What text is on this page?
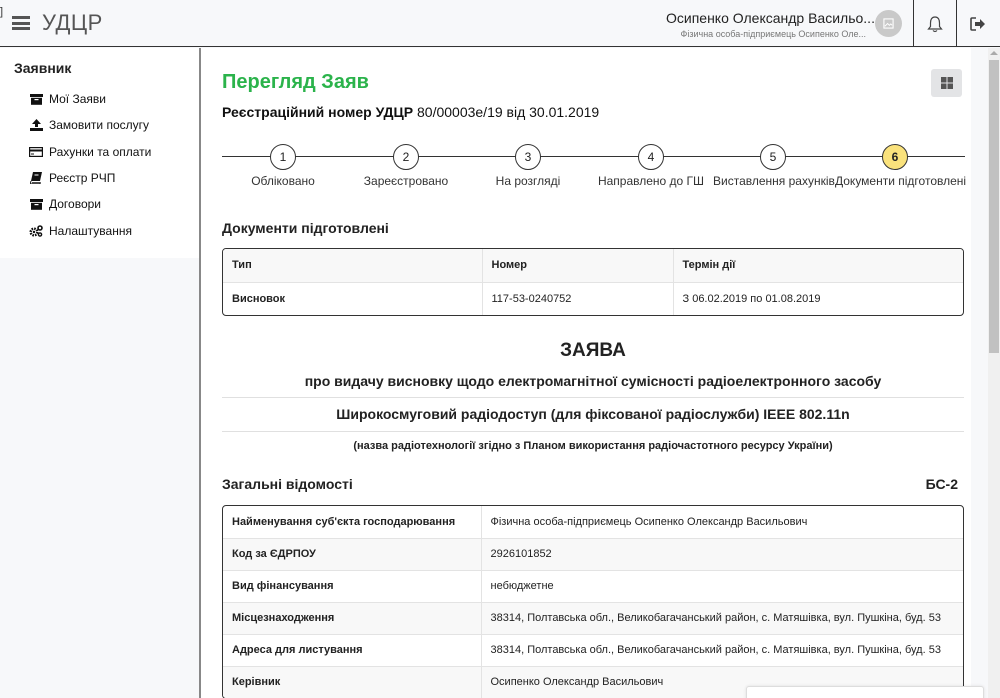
] УДЦР	Осипенко Олександр Васильо...
Фізична особа-підприємець Осипенко Оле...
Заявник
Мої Заяви
Замовити послугу
Рахунки та оплати
Реєстр РЧП
Договори
Налаштування
Перегляд Заяв
Реєстраційний номер УДЦР 80/00003е/19 від 30.01.2019
1
Обліковано
2
Зареєстровано
3
На розгляді
4
Направлено до ГШ
5
Виставлення рахунків
6
Документи підготовлені
Документи підготовлені
Тип	Номер	Термін дії
Висновок	117-53-0240752	З 06.02.2019 по 01.08.2019
ЗАЯВА
про видачу висновку щодо електромагнітної сумісності радіоелектронного засобу
Широкосмуговий радіодоступ (для фіксованої радіослужби) IEEE 802.11n
(назва радіотехнології згідно з Планом використання радіочастотного ресурсу України)
Загальні відомості	БС-2
Найменування суб'єкта господарювання	Фізична особа-підприємець Осипенко Олександр Васильович
Код за ЄДРПОУ	2926101852
Вид фінансування	небюджетне
Місцезнаходження	38314, Полтавська обл., Великобагачанський район, с. Матяшівка, вул. Пушкіна, буд. 53
Адреса для листування	38314, Полтавська обл., Великобагачанський район, с. Матяшівка, вул. Пушкіна, буд. 53
Керівник	Осипенко Олександр Васильович
